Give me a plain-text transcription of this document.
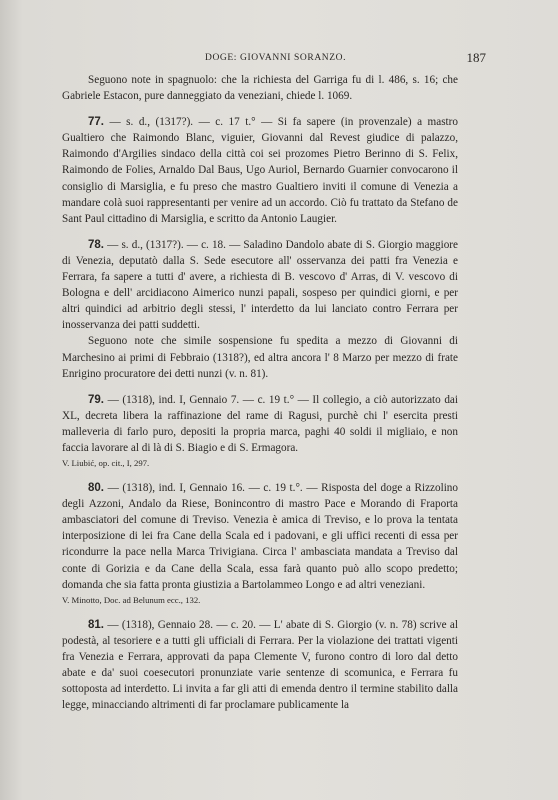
DOGE: GIOVANNI SORANZO.	187

Seguono note in spagnuolo: che la richiesta del Garriga fu di l. 486, s. 16; che Gabriele Estacon, pure danneggiato da veneziani, chiede l. 1069.

77. — s. d., (1317?). — c. 17 t.° — Si fa sapere (in provenzale) a mastro Gualtiero che Raimondo Blanc, viguier, Giovanni dal Revest giudice di palazzo, Raimondo d'Argilies sindaco della città coi sei prozomes Pietro Berinno di S. Felix, Raimondo de Folies, Arnaldo Dal Baus, Ugo Auriol, Bernardo Guarnier convocarono il consiglio di Marsiglia, e fu preso che mastro Gualtiero inviti il comune di Venezia a mandare colà suoi rappresentanti per venire ad un accordo. Ciò fu trattato da Stefano de Sant Paul cittadino di Marsiglia, e scritto da Antonio Laugier.

78. — s. d., (1317?). — c. 18. — Saladino Dandolo abate di S. Giorgio maggiore di Venezia, deputatò dalla S. Sede esecutore all' osservanza dei patti fra Venezia e Ferrara, fa sapere a tutti d' avere, a richiesta di B. vescovo d' Arras, di V. vescovo di Bologna e dell' arcidiacono Aimerico nunzi papali, sospeso per quindici giorni, e per altri quindici ad arbitrio degli stessi, l' interdetto da lui lanciato contro Ferrara per inosservanza dei patti suddetti.

Seguono note che simile sospensione fu spedita a mezzo di Giovanni di Marchesino ai primi di Febbraio (1318?), ed altra ancora l' 8 Marzo per mezzo di frate Enrigino procuratore dei detti nunzi (v. n. 81).

79. — (1318), ind. I, Gennaio 7. — c. 19 t.° — Il collegio, a ciò autorizzato dai XL, decreta libera la raffinazione del rame di Ragusi, purchè chi l' esercita presti malleveria di farlo puro, depositi la propria marca, paghi 40 soldi il migliaio, e non faccia lavorare al di là di S. Biagio e di S. Ermagora.

V. Liubić, op. cit., I, 297.

80. — (1318), ind. I, Gennaio 16. — c. 19 t.°. — Risposta del doge a Rizzolino degli Azzoni, Andalo da Riese, Bonincontro di mastro Pace e Morando di Fraporta ambasciatori del comune di Treviso. Venezia è amica di Treviso, e lo prova la tentata interposizione di lei fra Cane della Scala ed i padovani, e gli uffici recenti di essa per ricondurre la pace nella Marca Trivigiana. Circa l' ambasciata mandata a Treviso dal conte di Gorizia e da Cane della Scala, essa farà quanto può allo scopo predetto; domanda che sia fatta pronta giustizia a Bartolammeo Longo e ad altri veneziani.

V. Minotto, Doc. ad Belunum ecc., 132.

81. — (1318), Gennaio 28. — c. 20. — L' abate di S. Giorgio (v. n. 78) scrive al podestà, al tesoriere e a tutti gli ufficiali di Ferrara. Per la violazione dei trattati vigenti fra Venezia e Ferrara, approvati da papa Clemente V, furono contro di loro dal detto abate e da' suoi coesecutori pronunziate varie sentenze di scomunica, e Ferrara fu sottoposta ad interdetto. Li invita a far gli atti di emenda dentro il termine stabilito dalla legge, minacciando altrimenti di far proclamare publicamente la
